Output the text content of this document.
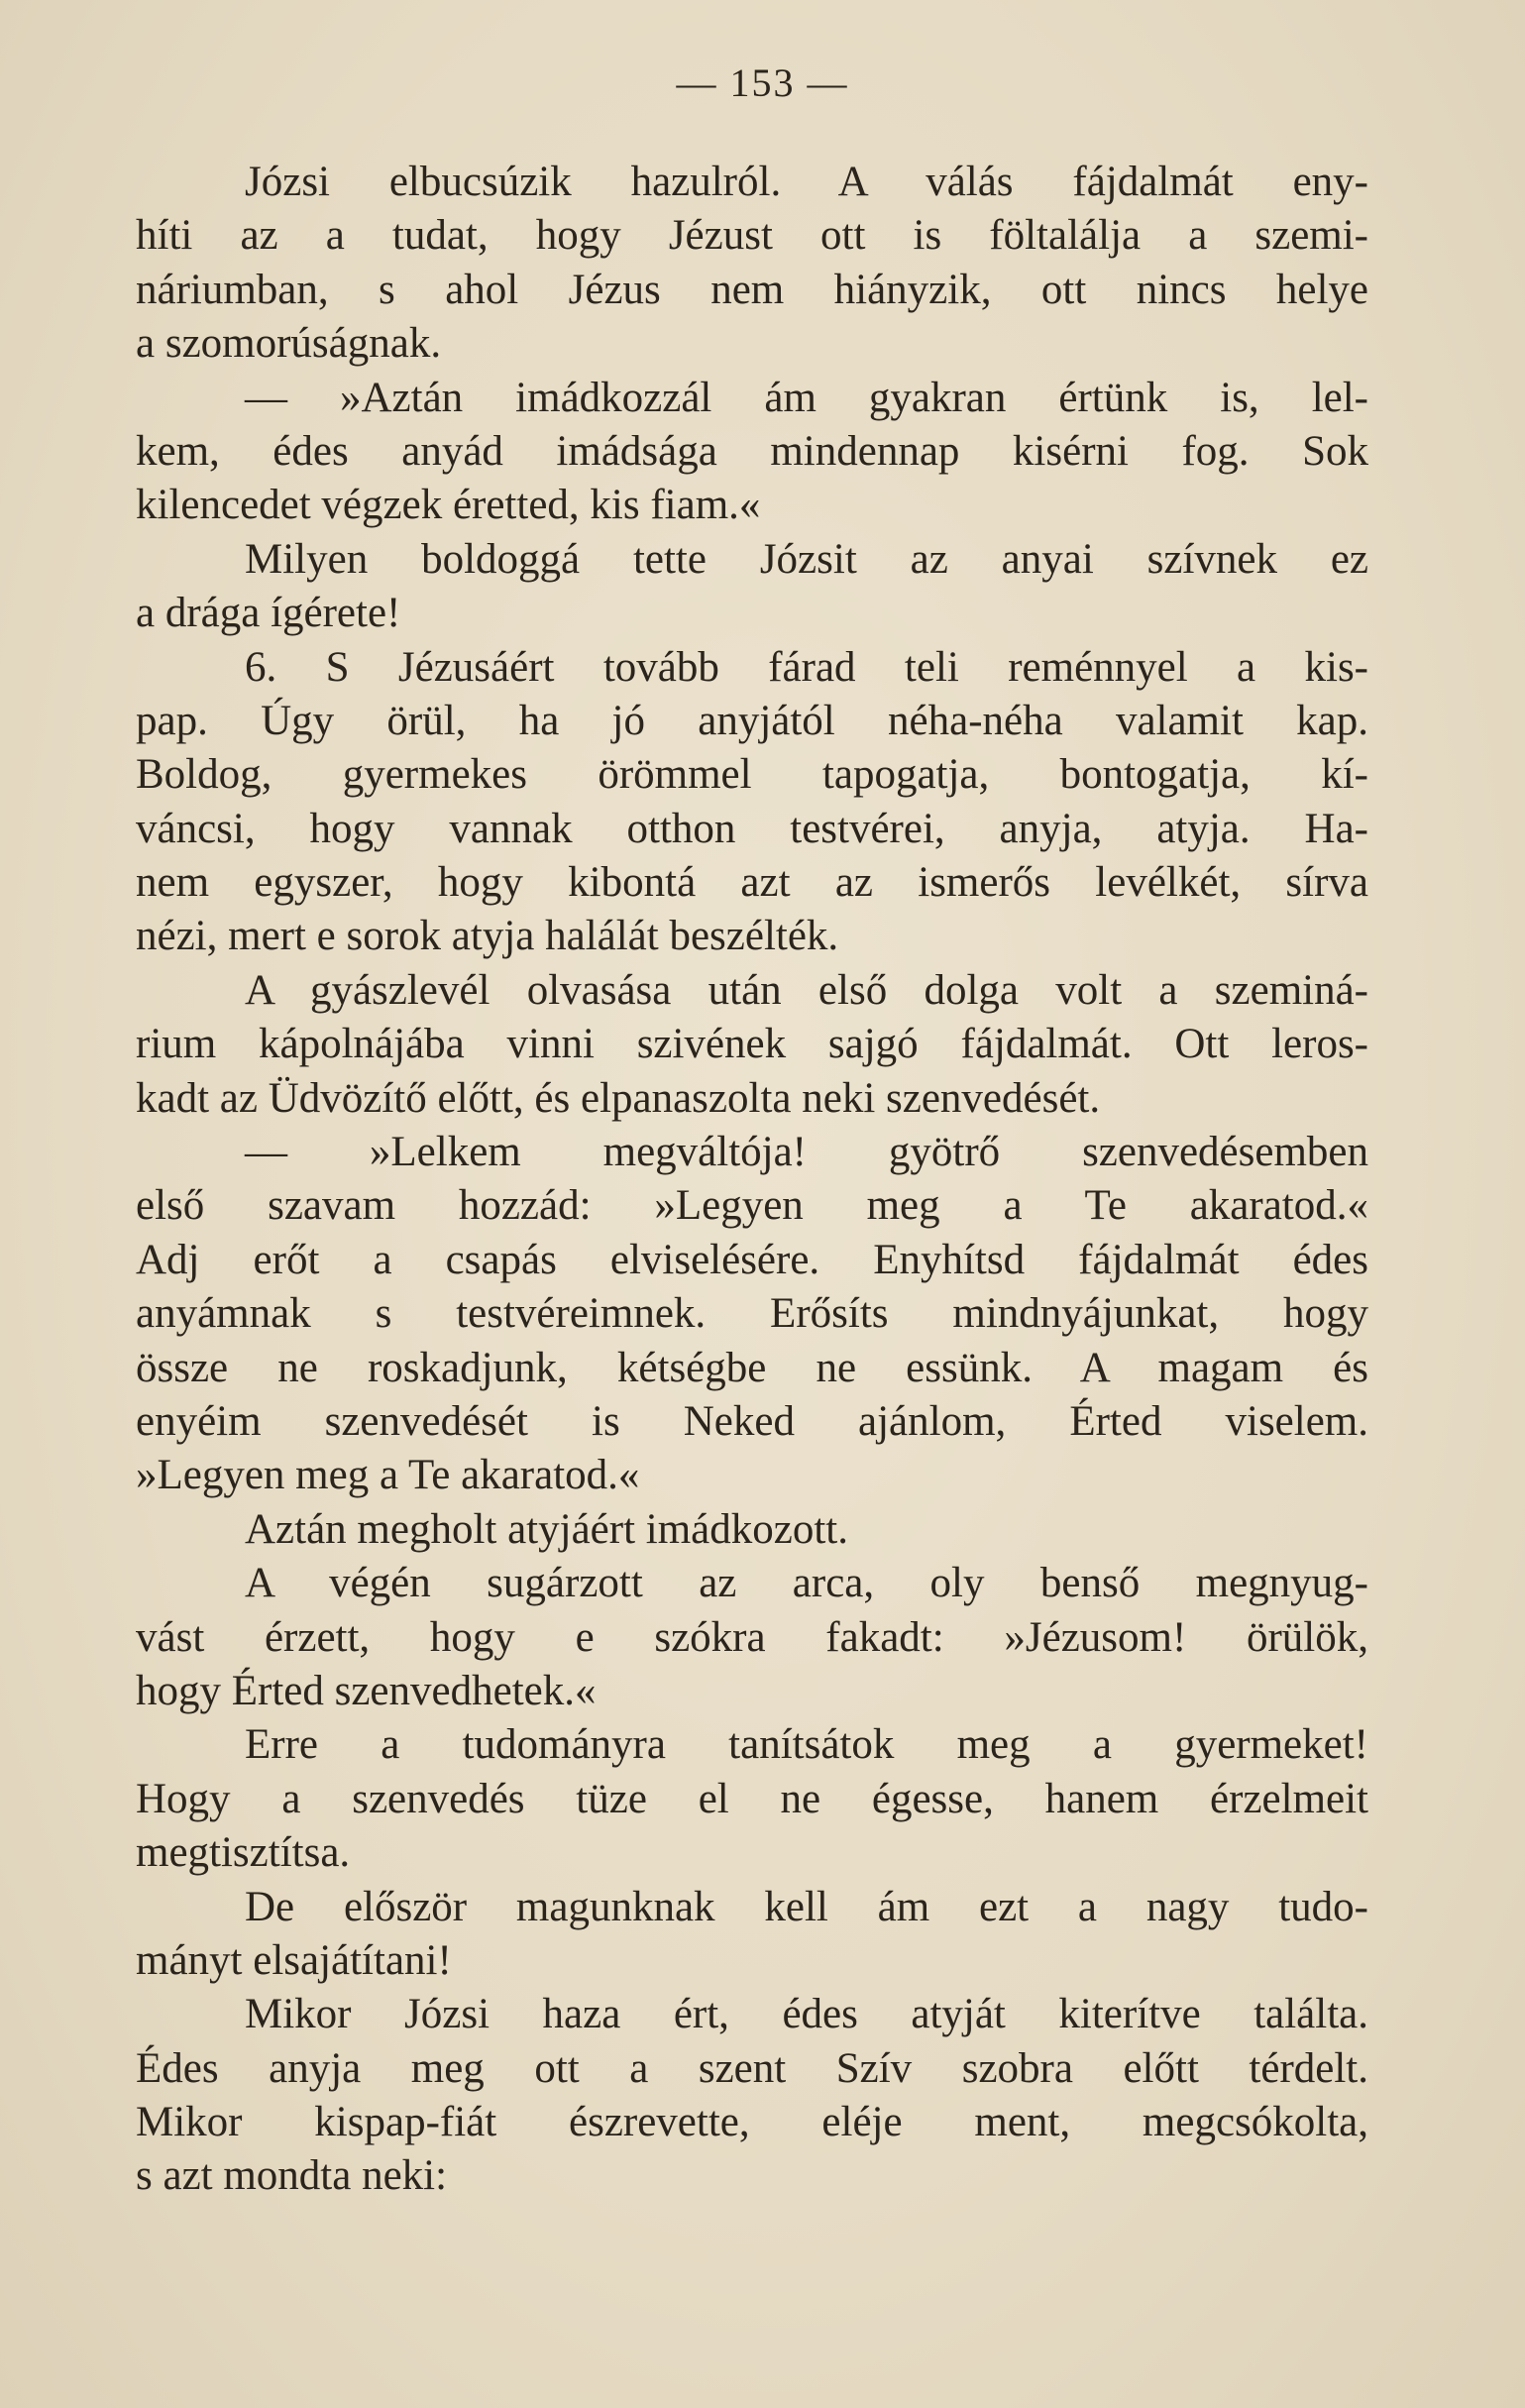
— 153 —
Józsi elbucsúzik hazulról. A válás fájdalmát eny-
híti az a tudat, hogy Jézust ott is föltalálja a szemi-
náriumban, s ahol Jézus nem hiányzik, ott nincs helye
a szomorúságnak.
— »Aztán imádkozzál ám gyakran értünk is, lel-
kem, édes anyád imádsága mindennap kisérni fog. Sok
kilencedet végzek éretted, kis fiam.«
Milyen boldoggá tette Józsit az anyai szívnek ez
a drága ígérete!
6. S Jézusáért tovább fárad teli reménnyel a kis-
pap. Úgy örül, ha jó anyjától néha-néha valamit kap.
Boldog, gyermekes örömmel tapogatja, bontogatja, kí-
váncsi, hogy vannak otthon testvérei, anyja, atyja. Ha-
nem egyszer, hogy kibontá azt az ismerős levélkét, sírva
nézi, mert e sorok atyja halálát beszélték.
A gyászlevél olvasása után első dolga volt a szeminá-
rium kápolnájába vinni szivének sajgó fájdalmát. Ott leros-
kadt az Üdvözítő előtt, és elpanaszolta neki szenvedését.
— »Lelkem megváltója! gyötrő szenvedésemben
első szavam hozzád: »Legyen meg a Te akaratod.«
Adj erőt a csapás elviselésére. Enyhítsd fájdalmát édes
anyámnak s testvéreimnek. Erősíts mindnyájunkat, hogy
össze ne roskadjunk, kétségbe ne essünk. A magam és
enyéim szenvedését is Neked ajánlom, Érted viselem.
»Legyen meg a Te akaratod.«
Aztán megholt atyjáért imádkozott.
A végén sugárzott az arca, oly benső megnyug-
vást érzett, hogy e szókra fakadt: »Jézusom! örülök,
hogy Érted szenvedhetek.«
Erre a tudományra tanítsátok meg a gyermeket!
Hogy a szenvedés tüze el ne égesse, hanem érzelmeit
megtisztítsa.
De először magunknak kell ám ezt a nagy tudo-
mányt elsajátítani!
Mikor Józsi haza ért, édes atyját kiterítve találta.
Édes anyja meg ott a szent Szív szobra előtt térdelt.
Mikor kispap-fiát észrevette, eléje ment, megcsókolta,
s azt mondta neki:
